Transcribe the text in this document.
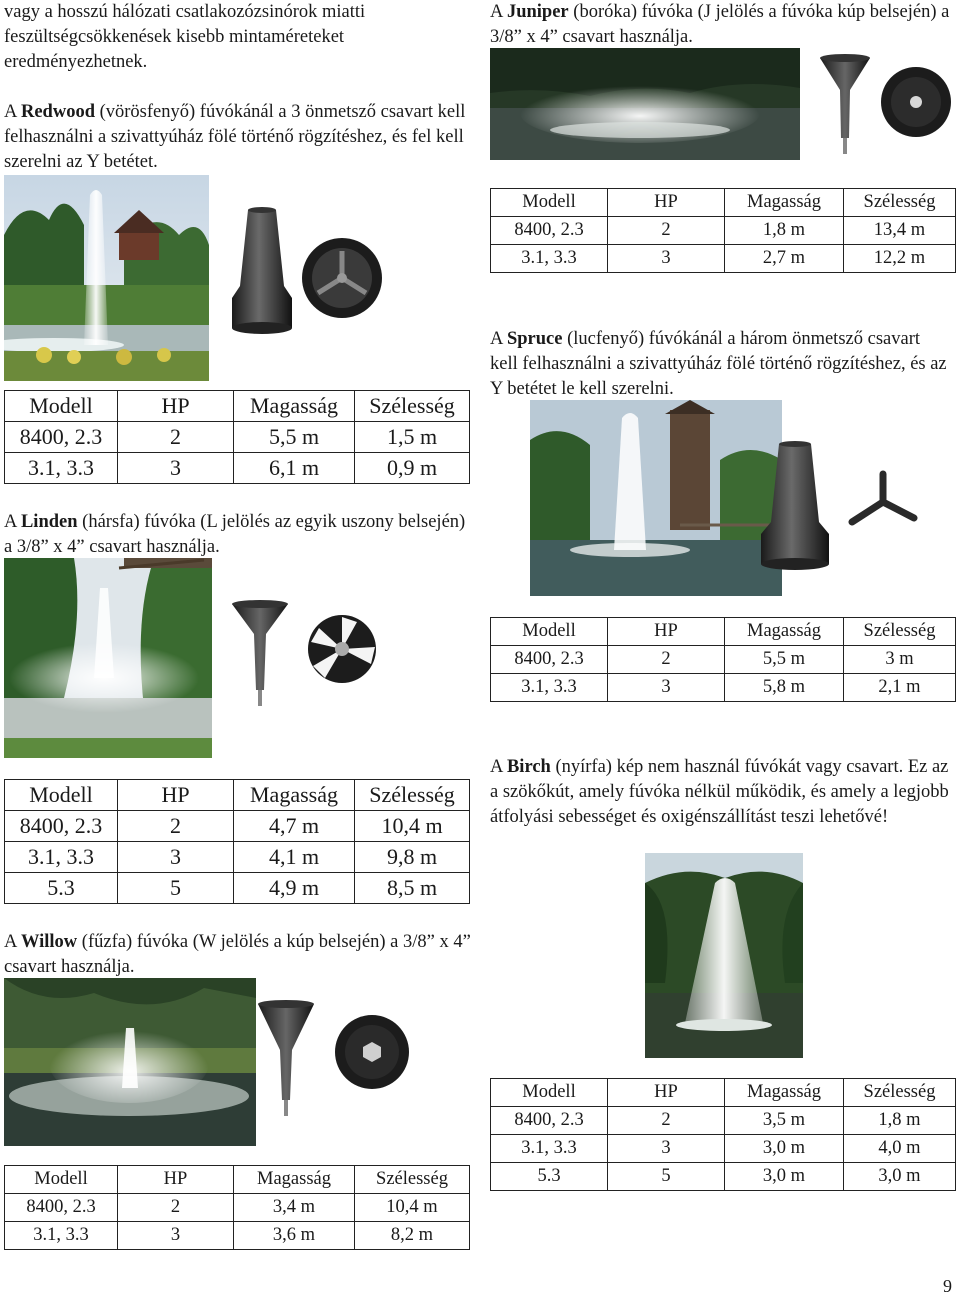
vagy a hosszú hálózati csatlakozózsinórok miatti feszültségcsökkenések kisebb mintaméreteket eredményezhetnek.
A Redwood (vörösfenyő) fúvókánál a 3 önmetsző csavart kell felhasználni a szivattyúház fölé történő rögzítéshez, és fel kell szerelni az Y betétet.
Modell	HP	Magasság	Szélesség
8400, 2.3	2	5,5 m	1,5 m
3.1, 3.3	3	6,1 m	0,9 m
A Linden (hársfa) fúvóka (L jelölés az egyik uszony belsején) a 3/8” x 4” csavart használja.
Modell	HP	Magasság	Szélesség
8400, 2.3	2	4,7 m	10,4 m
3.1, 3.3	3	4,1 m	9,8 m
5.3	5	4,9 m	8,5 m
A Willow (fűzfa) fúvóka (W jelölés a kúp belsején) a 3/8” x 4” csavart használja.
Modell	HP	Magasság	Szélesség
8400, 2.3	2	3,4 m	10,4 m
3.1, 3.3	3	3,6 m	8,2 m
A Juniper (boróka) fúvóka (J jelölés a fúvóka kúp belsején) a 3/8” x 4” csavart használja.
Modell	HP	Magasság	Szélesség
8400, 2.3	2	1,8 m	13,4 m
3.1, 3.3	3	2,7 m	12,2 m
A Spruce (lucfenyő) fúvókánál a három önmetsző csavart kell felhasználni a szivattyúház fölé történő rögzítéshez, és az Y betétet le kell szerelni.
Modell	HP	Magasság	Szélesség
8400, 2.3	2	5,5 m	3 m
3.1, 3.3	3	5,8 m	2,1 m
A Birch (nyírfa) kép nem használ fúvókát vagy csavart. Ez az a szökőkút, amely fúvóka nélkül működik, és amely a legjobb átfolyási sebességet és oxigénszállítást teszi lehetővé!
Modell	HP	Magasság	Szélesség
8400, 2.3	2	3,5 m	1,8 m
3.1, 3.3	3	3,0 m	4,0 m
5.3	5	3,0 m	3,0 m
9
